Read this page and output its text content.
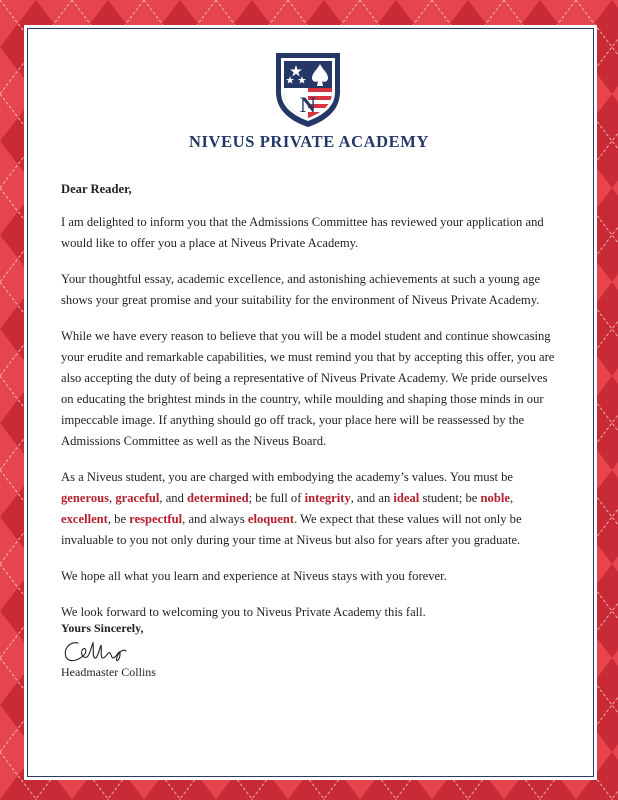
N
NIVEUS PRIVATE ACADEMY

Dear Reader,

I am delighted to inform you that the Admissions Committee has reviewed your application and would like to offer you a place at Niveus Private Academy.

Your thoughtful essay, academic excellence, and astonishing achievements at such a young age shows your great promise and your suitability for the environment of Niveus Private Academy.

While we have every reason to believe that you will be a model student and continue showcasing your erudite and remarkable capabilities, we must remind you that by accepting this offer, you are also accepting the duty of being a representative of Niveus Private Academy. We pride ourselves on educating the brightest minds in the country, while moulding and shaping those minds in our impeccable image. If anything should go off track, your place here will be reassessed by the Admissions Committee as well as the Niveus Board.

As a Niveus student, you are charged with embodying the academy’s values. You must be generous, graceful, and determined; be full of integrity, and an ideal student; be noble, excellent, be respectful, and always eloquent. We expect that these values will not only be invaluable to you not only during your time at Niveus but also for years after you graduate.

We hope all what you learn and experience at Niveus stays with you forever.

We look forward to welcoming you to Niveus Private Academy this fall.

Yours Sincerely,
Headmaster Collins
